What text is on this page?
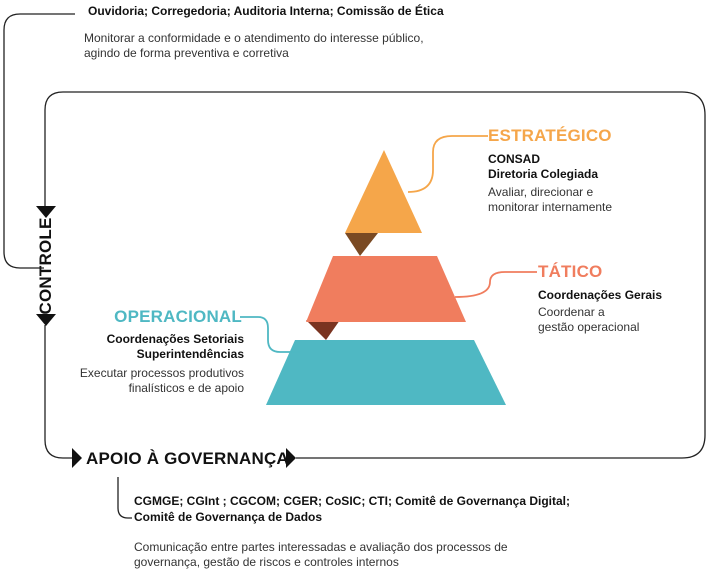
Ouvidoria; Corregedoria; Auditoria Interna; Comissão de Ética
Monitorar a conformidade e o atendimento do interesse público,
agindo de forma preventiva e corretiva
CONTROLE
APOIO À GOVERNANÇA
CGMGE; CGInt ; CGCOM; CGER; CoSIC; CTI; Comitê de Governança Digital;
Comitê de Governança de Dados
Comunicação entre partes interessadas e avaliação dos processos de
governança, gestão de riscos e controles internos
ESTRATÉGICO
CONSAD
Diretoria Colegiada
Avaliar, direcionar e
monitorar internamente
TÁTICO
Coordenações Gerais
Coordenar a
gestão operacional
OPERACIONAL
Coordenações Setoriais
Superintendências
Executar processos produtivos
finalísticos e de apoio
